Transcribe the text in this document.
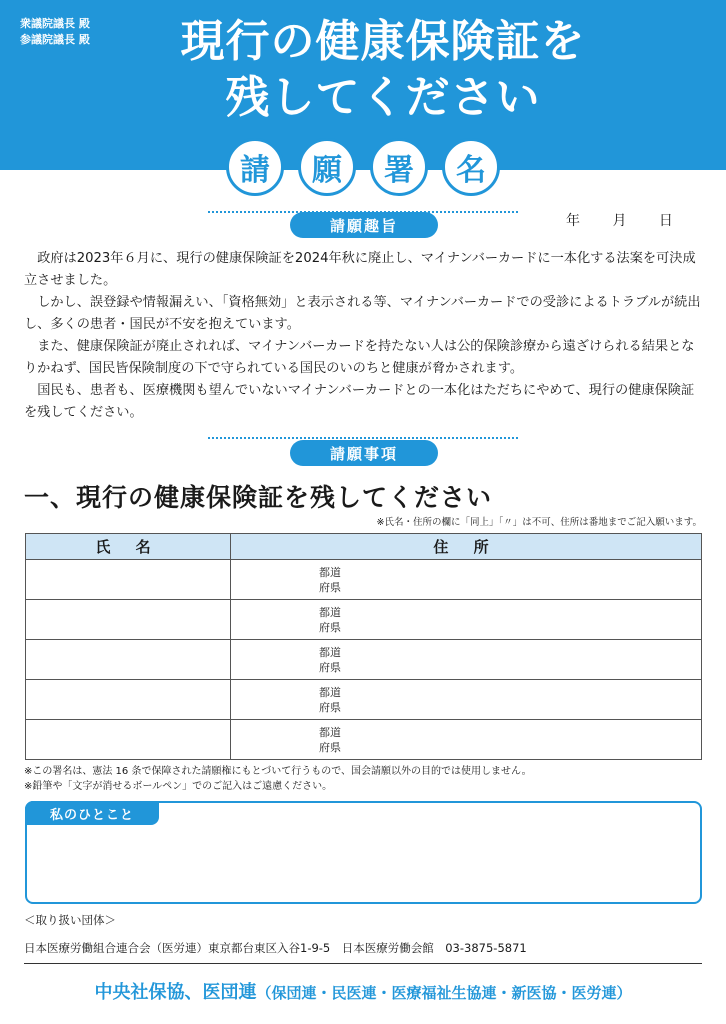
衆議院議長 殿
参議院議長 殿	現行の健康保険証を
残してください
請	願	署	名
請願趣旨	年 月 日

政府は2023年６月に、現行の健康保険証を2024年秋に廃止し、マイナンバーカードに一本化する法案を可決成立させました。

しかし、誤登録や情報漏えい、「資格無効」と表示される等、マイナンバーカードでの受診によるトラブルが続出し、多くの患者・国民が不安を抱えています。

また、健康保険証が廃止されれば、マイナンバーカードを持たない人は公的保険診療から遠ざけられる結果となりかねず、国民皆保険制度の下で守られている国民のいのちと健康が脅かされます。

国民も、患者も、医療機関も望んでいないマイナンバーカードとの一本化はただちにやめて、現行の健康保険証を残してください。

請願事項
一、現行の健康保険証を残してください
※氏名・住所の欄に「同上」「〃」は不可、住所は番地までご記入願います。
氏 名	住 所

	都道
府県

	都道
府県

	都道
府県

	都道
府県

	都道
府県
※この署名は、憲法 16 条で保障された請願権にもとづいて行うもので、国会請願以外の目的では使用しません。
※鉛筆や「文字が消せるボールペン」でのご記入はご遠慮ください。
私のひとこと
＜取り扱い団体＞
日本医療労働組合連合会（医労連）東京都台東区入谷1-9-5　日本医療労働会館　03-3875-5871
中央社保協、医団連（保団連・民医連・医療福祉生協連・新医協・医労連）
